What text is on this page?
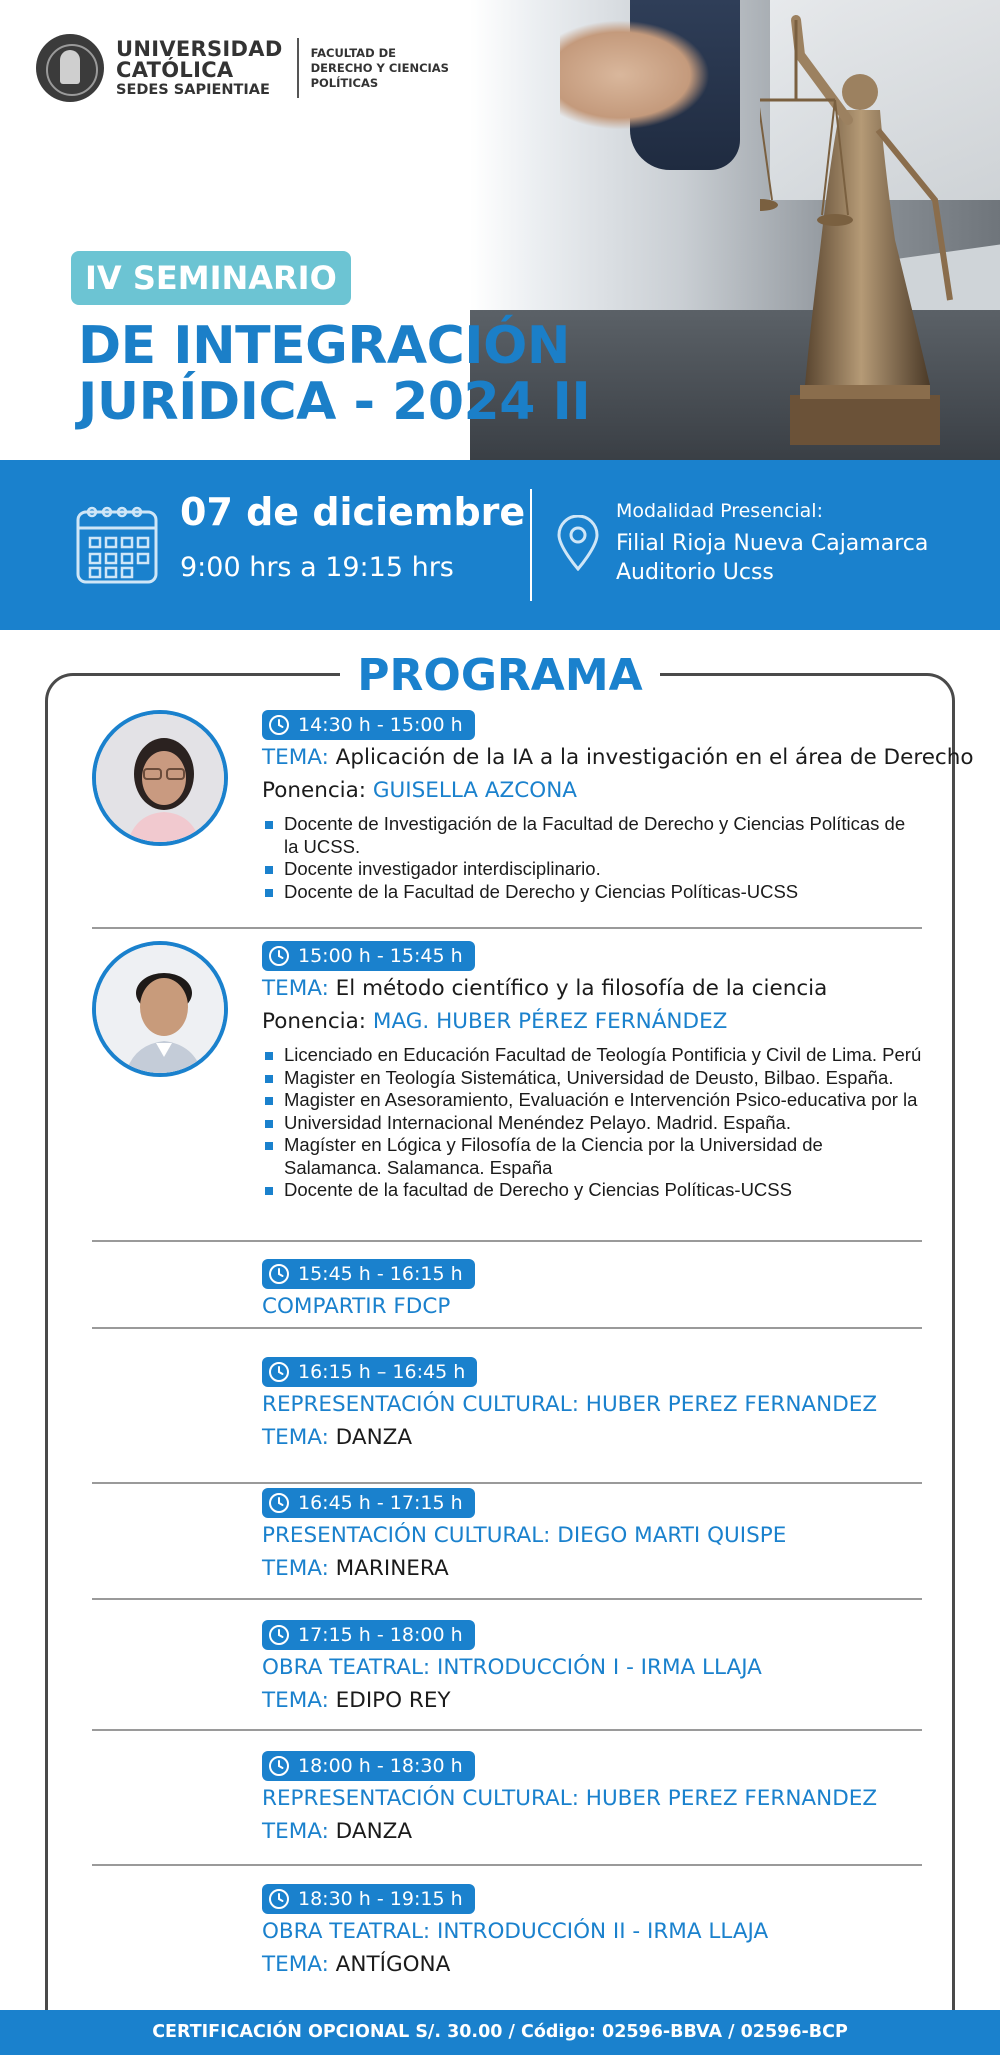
UNIVERSIDAD
CATÓLICA
SEDES SAPIENTIAE
FACULTAD DE
DERECHO Y CIENCIAS
POLÍTICAS
IV SEMINARIO
DE INTEGRACIÓN
JURÍDICA - 2024 II
07 de diciembre
9:00 hrs a 19:15 hrs
Modalidad Presencial:
Filial Rioja Nueva Cajamarca
Auditorio Ucss
PROGRAMA
14:30 h - 15:00 h
TEMA: Aplicación de la IA a la investigación en el área de Derecho
Ponencia: GUISELLA AZCONA
Docente de Investigación de la Facultad de Derecho y Ciencias Políticas de la UCSS.
Docente investigador interdisciplinario.
Docente de la Facultad de Derecho y Ciencias Políticas-UCSS
15:00 h - 15:45 h
TEMA: El método científico y la filosofía de la ciencia
Ponencia: MAG. HUBER PÉREZ FERNÁNDEZ
Licenciado en Educación Facultad de Teología Pontificia y Civil de Lima. Perú
Magister en Teología Sistemática, Universidad de Deusto, Bilbao. España.
Magister en Asesoramiento, Evaluación e Intervención Psico-educativa por la
Universidad Internacional Menéndez Pelayo. Madrid. España.
Magíster en Lógica y Filosofía de la Ciencia por la Universidad de Salamanca. Salamanca. España
Docente de la facultad de Derecho y Ciencias Políticas-UCSS
15:45 h - 16:15 h
COMPARTIR FDCP
16:15 h – 16:45 h
REPRESENTACIÓN CULTURAL: HUBER PEREZ FERNANDEZ
TEMA: DANZA
16:45 h - 17:15 h
PRESENTACIÓN CULTURAL: DIEGO MARTI QUISPE
TEMA: MARINERA
17:15 h - 18:00 h
OBRA TEATRAL: INTRODUCCIÓN I - IRMA LLAJA
TEMA: EDIPO REY
18:00 h - 18:30 h
REPRESENTACIÓN CULTURAL: HUBER PEREZ FERNANDEZ
TEMA: DANZA
18:30 h - 19:15 h
OBRA TEATRAL: INTRODUCCIÓN II - IRMA LLAJA
TEMA: ANTÍGONA
CERTIFICACIÓN OPCIONAL S/. 30.00 / Código: 02596-BBVA / 02596-BCP
